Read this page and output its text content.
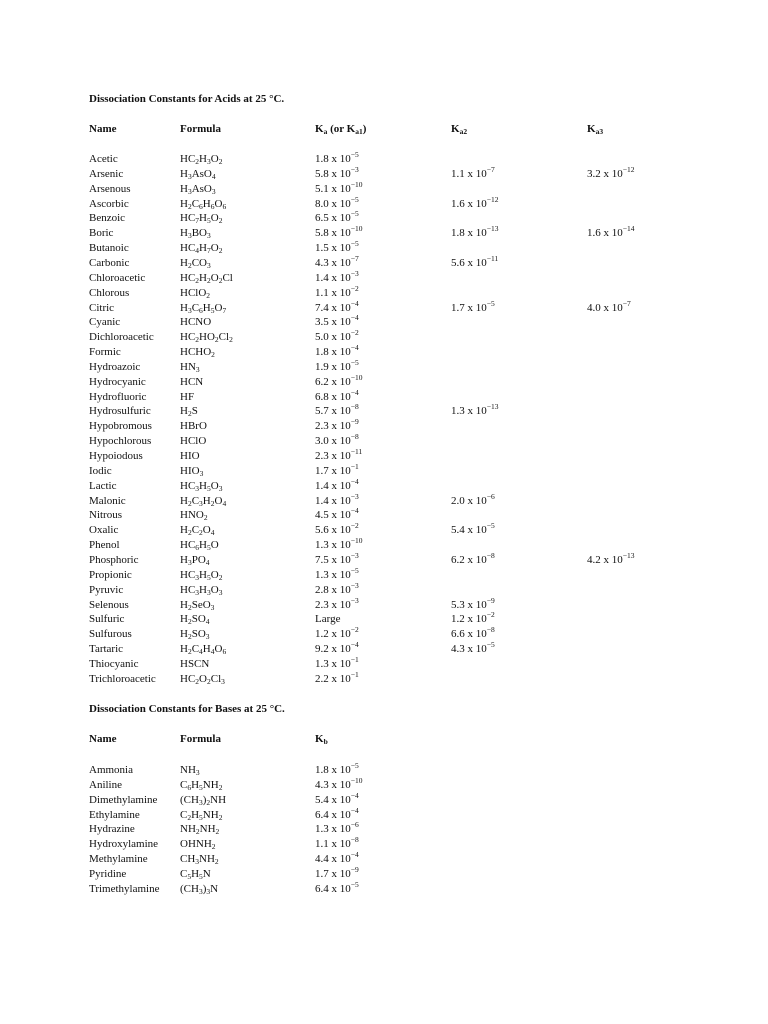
Dissociation Constants for Acids at 25 °C.
Name	Formula	$K_a$ (or $K_{a1}$)	$K_{a2}$	$K_{a3}$
Acetic	$HC_2H_3O_2$	1.8 x $10^{-5}$
Arsenic	$H_3AsO_4$	5.8 x $10^{-3}$	1.1 x $10^{-7}$	3.2 x $10^{-12}$
Arsenous	$H_3AsO_3$	5.1 x $10^{-10}$
Ascorbic	$H_2C_6H_6O_6$	8.0 x $10^{-5}$	1.6 x $10^{-12}$
Benzoic	$HC_7H_5O_2$	6.5 x $10^{-5}$
Boric	$H_3BO_3$	5.8 x $10^{-10}$	1.8 x $10^{-13}$	1.6 x $10^{-14}$
Butanoic	$HC_4H_7O_2$	1.5 x $10^{-5}$
Carbonic	$H_2CO_3$	4.3 x $10^{-7}$	5.6 x $10^{-11}$
Chloroacetic	$HC_2H_2O_2Cl$	1.4 x $10^{-3}$
Chlorous	HClO$_2$	1.1 x $10^{-2}$
Citric	$H_3C_6H_5O_7$	7.4 x $10^{-4}$	1.7 x $10^{-5}$	4.0 x $10^{-7}$
Cyanic	HCNO	3.5 x $10^{-4}$
Dichloroacetic $HC_2HO_2Cl_2$	5.0 x $10^{-2}$
Formic	$HCHO_2$	1.8 x $10^{-4}$
Hydroazoic	$HN_3$	1.9 x $10^{-5}$
Hydrocyanic	HCN	6.2 x $10^{-10}$
Hydrofluoric	HF	6.8 x $10^{-4}$
Hydrosulfuric	$H_2S$	5.7 x $10^{-8}$	1.3 x $10^{-13}$
Hypobromous	HBrO	2.3 x $10^{-9}$
Hypochlorous	HClO	3.0 x $10^{-8}$
Hypoiodous	HIO	2.3 x $10^{-11}$
Iodic	$HIO_3$	1.7 x $10^{-1}$
Lactic	$HC_3H_5O_3$	1.4 x $10^{-4}$
Malonic	$H_2C_3H_2O_4$	1.4 x $10^{-3}$	2.0 x $10^{-6}$
Nitrous	$HNO_2$	4.5 x $10^{-4}$
Oxalic	$H_2C_2O_4$	5.6 x $10^{-2}$	5.4 x $10^{-5}$
Phenol	$HC_6H_5O$	1.3 x $10^{-10}$
Phosphoric	$H_3PO_4$	7.5 x $10^{-3}$	6.2 x $10^{-8}$	4.2 x $10^{-13}$
Propionic	$HC_3H_5O_2$	1.3 x $10^{-5}$
Pyruvic	$HC_3H_3O_3$	2.8 x $10^{-3}$
Selenous	$H_2SeO_3$	2.3 x $10^{-3}$	5.3 x $10^{-9}$
Sulfuric	$H_2SO_4$	Large	1.2 x $10^{-2}$
Sulfurous	$H_2SO_3$	1.2 x $10^{-2}$	6.6 x $10^{-8}$
Tartaric	$H_2C_4H_4O_6$	9.2 x $10^{-4}$	4.3 x $10^{-5}$
Thiocyanic	HSCN	1.3 x $10^{-1}$
Trichloroacetic $HC_2O_2Cl_3$	2.2 x $10^{-1}$
Dissociation Constants for Bases at 25 °C.
Name	Formula	$K_b$
Ammonia	$NH_3$	1.8 x $10^{-5}$
Aniline	$C_6H_5NH_2$	4.3 x $10^{-10}$
Dimethylamine $(CH_3)_2NH$	5.4 x $10^{-4}$
Ethylamine	$C_2H_5NH_2$	6.4 x $10^{-4}$
Hydrazine	$NH_2NH_2$	1.3 x $10^{-6}$
Hydroxylamine $OHNH_2$	1.1 x $10^{-8}$
Methylamine	$CH_3NH_2$	4.4 x $10^{-4}$
Pyridine	$C_5H_5N$	1.7 x $10^{-9}$
Trimethylamine $(CH_3)_3N$	6.4 x $10^{-5}$
